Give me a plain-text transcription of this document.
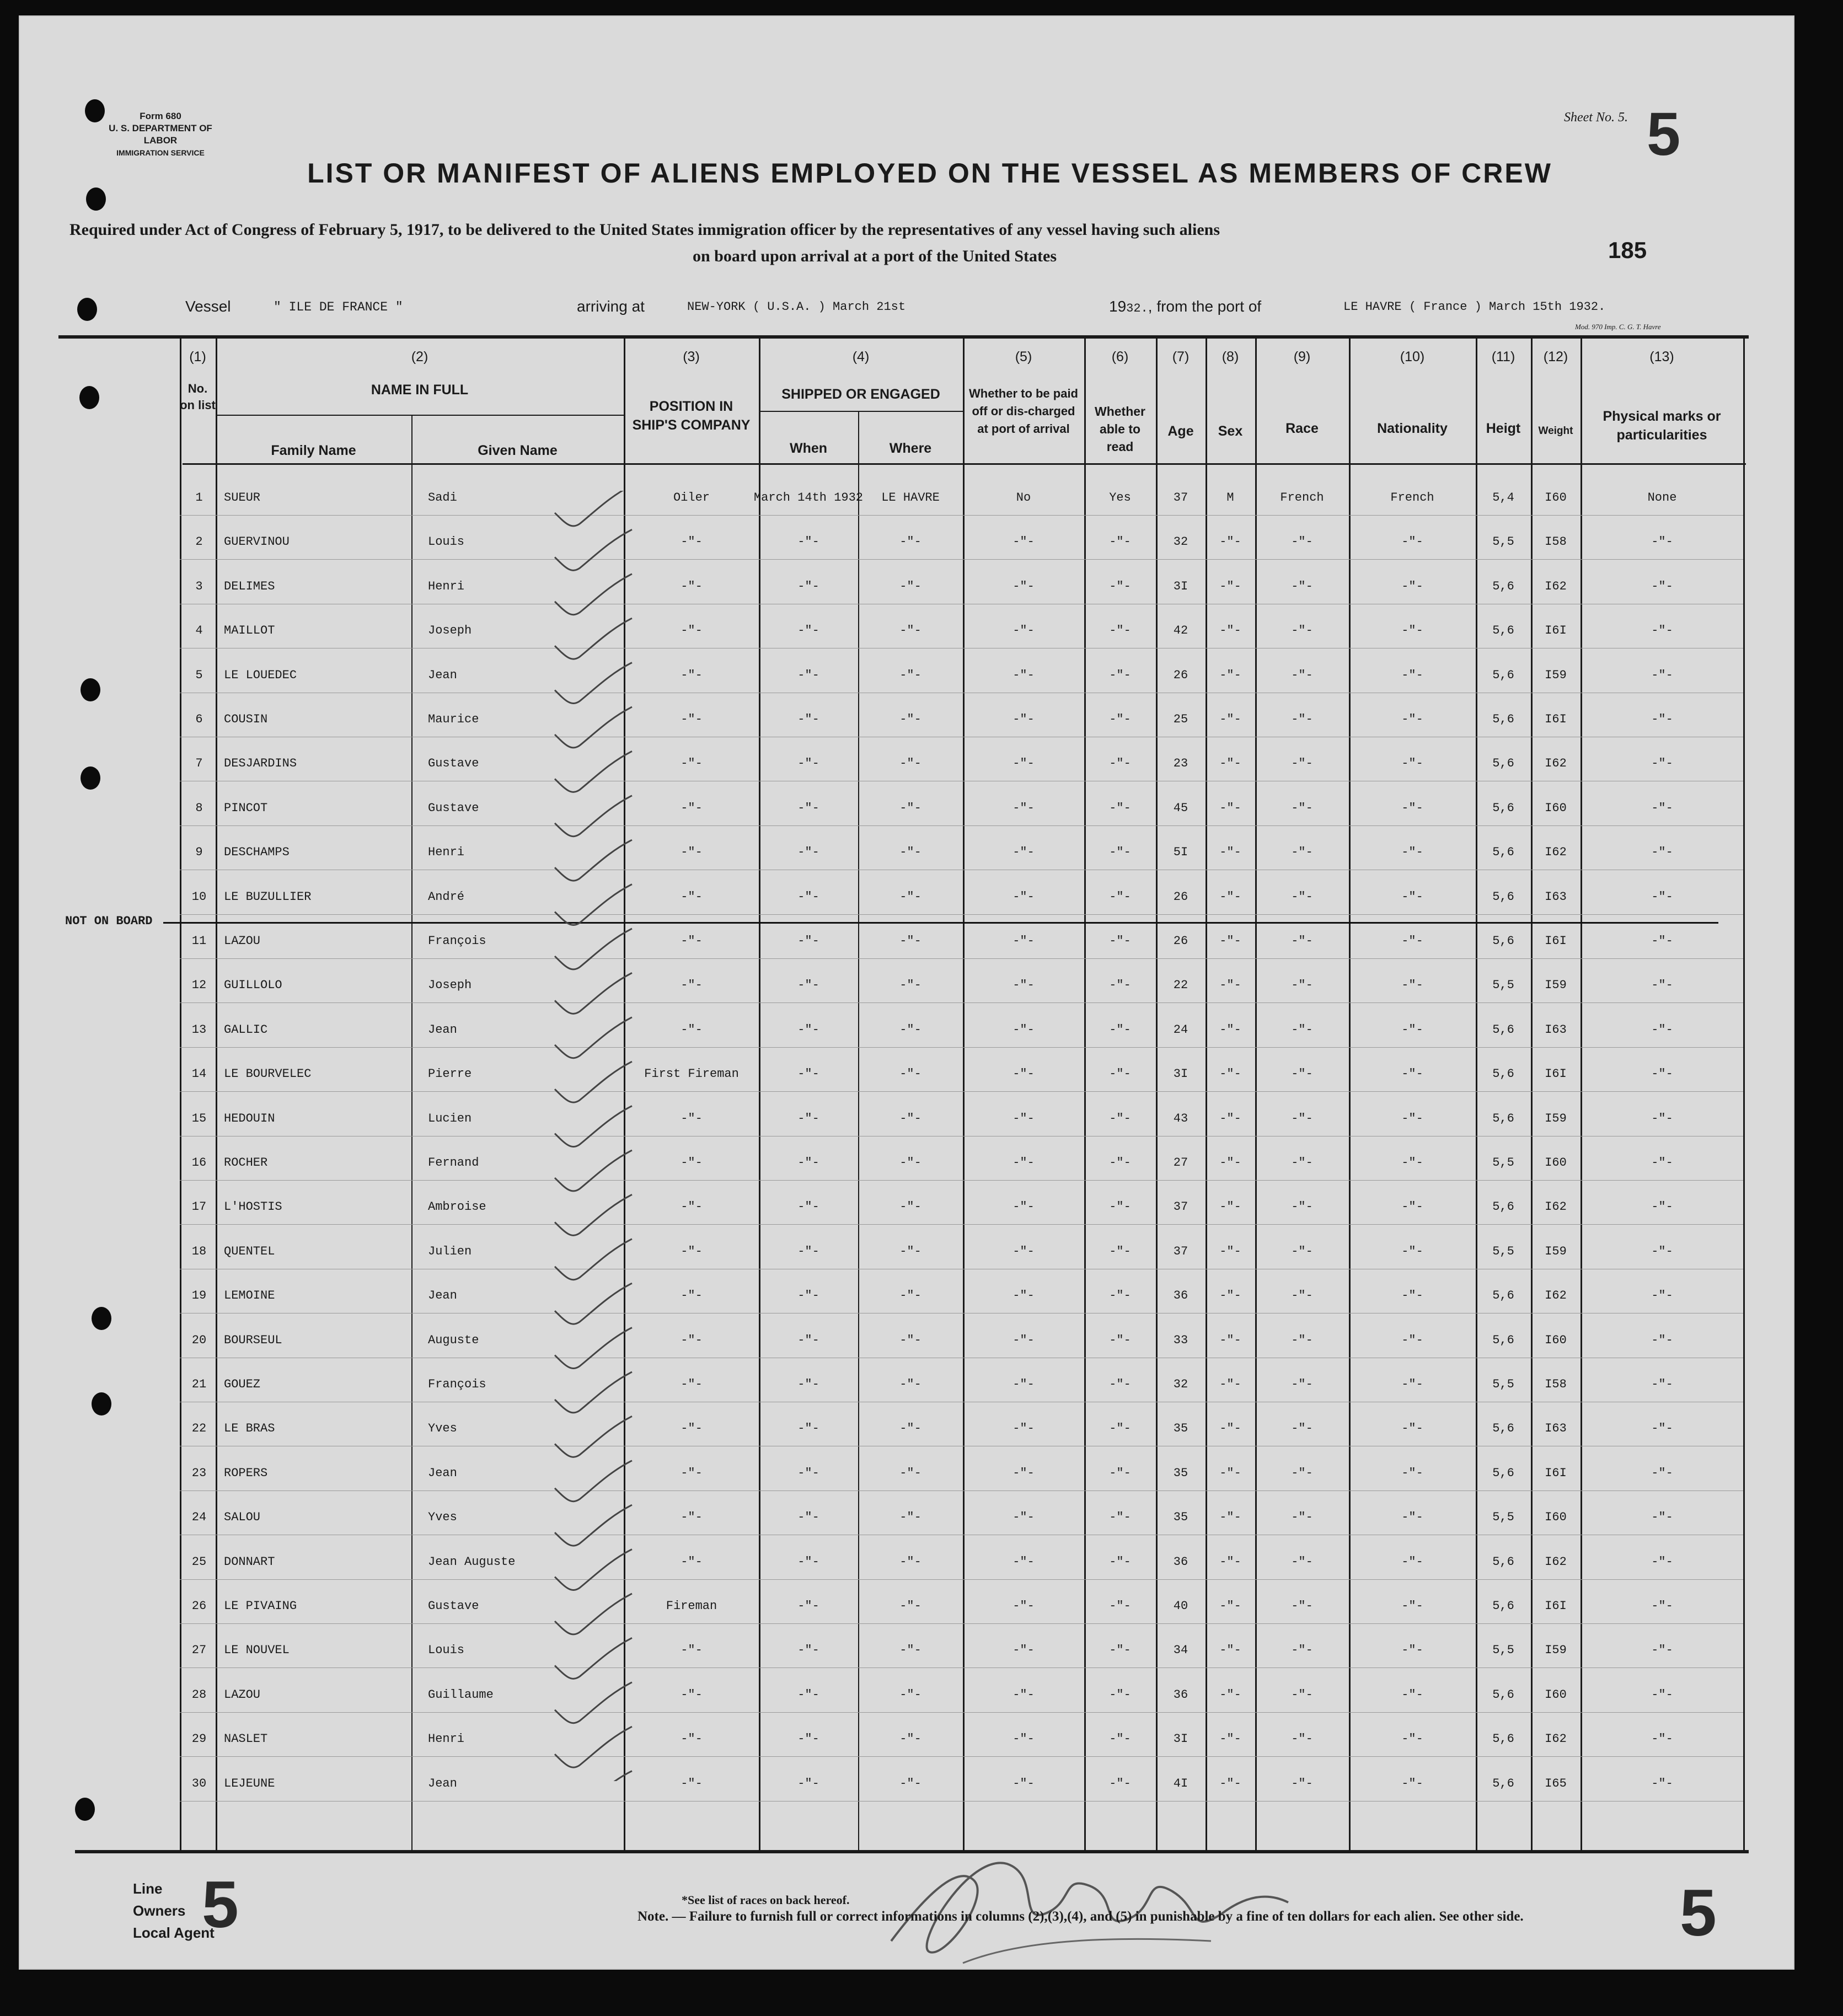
Form 680
U. S. DEPARTMENT OF LABOR
IMMIGRATION SERVICE
Sheet No. 5. 5
185
LIST OR MANIFEST OF ALIENS EMPLOYED ON THE VESSEL AS MEMBERS OF CREW
Required under Act of Congress of February 5, 1917, to be delivered to the United States immigration officer by the representatives of any vessel having such aliens
on board upon arrival at a port of the United States
Vessel	" ILE DE FRANCE "	arriving at	NEW-YORK ( U.S.A. ) March 21st	1932., from the port of	LE HAVRE ( France ) March 15th 1932.
Mod. 970 Imp. C. G. T. Havre
(1)
No. on list
(2)
NAME IN FULL
Family Name	Given Name
(3)
POSITION IN SHIP'S COMPANY
(4)
SHIPPED OR ENGAGED
When	Where
(5)
Whether to be paid off or dis-charged at port of arrival
(6)
Whether able to read
(7)
Age
(8)
Sex
(9)
Race
(10)
Nationality
(11)
Heigt
(12)
Weight
(13)
Physical marks or particularities
1	SUEUR	Sadi	Oiler	March 14th 1932	LE HAVRE	No	Yes	37	M	French	French	5,4	I60	None
2	GUERVINOU	Louis	-"-	-"-	-"-	-"-	-"-	32	-"-	-"-	-"-	5,5	I58	-"-
3	DELIMES	Henri	-"-	-"-	-"-	-"-	-"-	3I	-"-	-"-	-"-	5,6	I62	-"-
4	MAILLOT	Joseph	-"-	-"-	-"-	-"-	-"-	42	-"-	-"-	-"-	5,6	I6I	-"-
5	LE LOUEDEC	Jean	-"-	-"-	-"-	-"-	-"-	26	-"-	-"-	-"-	5,6	I59	-"-
6	COUSIN	Maurice	-"-	-"-	-"-	-"-	-"-	25	-"-	-"-	-"-	5,6	I6I	-"-
7	DESJARDINS	Gustave	-"-	-"-	-"-	-"-	-"-	23	-"-	-"-	-"-	5,6	I62	-"-
8	PINCOT	Gustave	-"-	-"-	-"-	-"-	-"-	45	-"-	-"-	-"-	5,6	I60	-"-
9	DESCHAMPS	Henri	-"-	-"-	-"-	-"-	-"-	5I	-"-	-"-	-"-	5,6	I62	-"-
10	LE BUZULLIER	André	-"-	-"-	-"-	-"-	-"-	26	-"-	-"-	-"-	5,6	I63	-"-
11	LAZOU	François	-"-	-"-	-"-	-"-	-"-	26	-"-	-"-	-"-	5,6	I6I	-"-
12	GUILLOLO	Joseph	-"-	-"-	-"-	-"-	-"-	22	-"-	-"-	-"-	5,5	I59	-"-
13	GALLIC	Jean	-"-	-"-	-"-	-"-	-"-	24	-"-	-"-	-"-	5,6	I63	-"-
14	LE BOURVELEC	Pierre	First Fireman	-"-	-"-	-"-	-"-	3I	-"-	-"-	-"-	5,6	I6I	-"-
15	HEDOUIN	Lucien	-"-	-"-	-"-	-"-	-"-	43	-"-	-"-	-"-	5,6	I59	-"-
16	ROCHER	Fernand	-"-	-"-	-"-	-"-	-"-	27	-"-	-"-	-"-	5,5	I60	-"-
17	L'HOSTIS	Ambroise	-"-	-"-	-"-	-"-	-"-	37	-"-	-"-	-"-	5,6	I62	-"-
18	QUENTEL	Julien	-"-	-"-	-"-	-"-	-"-	37	-"-	-"-	-"-	5,5	I59	-"-
19	LEMOINE	Jean	-"-	-"-	-"-	-"-	-"-	36	-"-	-"-	-"-	5,6	I62	-"-
20	BOURSEUL	Auguste	-"-	-"-	-"-	-"-	-"-	33	-"-	-"-	-"-	5,6	I60	-"-
21	GOUEZ	François	-"-	-"-	-"-	-"-	-"-	32	-"-	-"-	-"-	5,5	I58	-"-
22	LE BRAS	Yves	-"-	-"-	-"-	-"-	-"-	35	-"-	-"-	-"-	5,6	I63	-"-
23	ROPERS	Jean	-"-	-"-	-"-	-"-	-"-	35	-"-	-"-	-"-	5,6	I6I	-"-
24	SALOU	Yves	-"-	-"-	-"-	-"-	-"-	35	-"-	-"-	-"-	5,5	I60	-"-
25	DONNART	Jean Auguste	-"-	-"-	-"-	-"-	-"-	36	-"-	-"-	-"-	5,6	I62	-"-
26	LE PIVAING	Gustave	Fireman	-"-	-"-	-"-	-"-	40	-"-	-"-	-"-	5,6	I6I	-"-
27	LE NOUVEL	Louis	-"-	-"-	-"-	-"-	-"-	34	-"-	-"-	-"-	5,5	I59	-"-
28	LAZOU	Guillaume	-"-	-"-	-"-	-"-	-"-	36	-"-	-"-	-"-	5,6	I60	-"-
29	NASLET	Henri	-"-	-"-	-"-	-"-	-"-	3I	-"-	-"-	-"-	5,6	I62	-"-
30	LEJEUNE	Jean	-"-	-"-	-"-	-"-	-"-	4I	-"-	-"-	-"-	5,6	I65	-"-
NOT ON BOARD
Line
Owners
Local Agent
5	5
*See list of races on back hereof.
Note. — Failure to furnish full or correct informations in columns (2),(3),(4), and (5) in punishable by a fine of ten dollars for each alien. See other side.
